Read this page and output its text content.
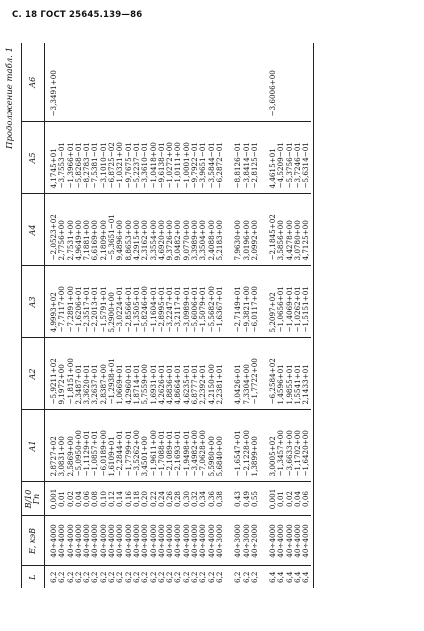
С. 18 ГОСТ 25645.139—86
Продолжение табл. 1
L	E, кэВ	B/10 Гп	A1	A2	A3	A4	A5	A6
6,2	40÷4000	0,001	2,8727+02	−5,9211+02	4,9993+02	−2,0523+02	4,1745+01	−3,3491+00
6,2	40÷4000	0,01	3,0831+00	9,1972+00	−7,7117+00	2,7756+00	−3,7553−01	
6,2	40÷4000	0,02	2,5869+00	−1,8151+00	−7,2891+00	2,7531+00	−1,3966+01	
6,2	40÷4000	0,04	−5,0950+00	2,3487+01	−1,6206+01	4,9649+00	−5,8268−01	
6,2	40÷4000	0,06	−1,1129+01	3,3620+01	−2,3517+01	7,1881+00	−8,2783−01	
6,2	40÷4000	0,08	−1,0857+01	3,2637+01	−2,2013+01	6,6169+00	−7,5381−01	
6,2	40÷4000	0,10	−6,0189+00	2,8387+00	−1,5791+01	2,1809+00	−3,1010−01	
6,2	40÷4000	0,12	1,6109+01	−1,2938+01	5,2900+00	−5,3651−01	−6,8725−02	
6,2	40÷4000	0,14	−2,2844+01	1,0669+01	−3,0224+01	9,4896+00	−1,0321+00	
6,2	40÷4000	0,16	−1,7799+01	4,2960+01	−2,8566+01	8,8653+00	−9,7675−01	
6,2	40÷4000	0,18	−3,5262+00	1,8714+01	−1,3505+01	4,2915+00	−5,2237−01	
6,2	40÷4000	0,20	3,4501+00	5,7559+00	−5,8246+00	2,3162+00	−3,3610−01	
6,2	40÷4000	0,22	−1,9611+00	1,6931+01	−1,1604+01	3,3554+00	−1,0418+00	
6,2	40÷4000	0,24	−1,7088+01	4,2626+01	−2,8995+01	4,6920+00	−9,6138−01	
6,2	40÷4000	0,26	−2,1089+01	4,8836+01	−3,2247+01	9,3726+00	−1,0272+00	
6,2	40÷4000	0,28	−2,1693+01	4,8664+01	−3,2117+01	9,0482+00	−1,0111+00	
6,2	40÷4000	0,30	−1,9498+01	4,6235+01	−3,0989+01	9,0770+00	−1,0001+00	
6,2	40÷4000	0,32	−3,4982+00	6,8777+01	−5,6006+01	3,3989+00	−9,7922−01	
6,2	40÷4000	0,34	−7,0628+00	2,2392+01	−1,5079+01	3,3504+00	−3,9651−01	
6,2	40÷4000	0,36	5,5980+00	4,2150+00	−5,5682+00	2,4088+00	−3,5844−01	
6,2	40÷3000	0,38	5,6840+00	2,2381+01	−1,6367+01	5,2183+00	−6,2872−01	

6,2	40÷3000	0,43	−1,6547+01	4,0426+01	−2,7149+01	7,9630+00	−8,8126−01	
6,2	40÷3000	0,49	−2,1228+00	7,3304+00	−9,3821+00	3,0196+00	−3,8414−01	
6,2	40÷2000	0,55	1,3899+00	−1,7722+00	−6,0117+00	2,0992+00	−2,8125−01	

6,4	40÷4000	0,001	3,0005+02	−6,2584+02	5,2097+02	−2,1845+02	4,4615+01	−3,6006+00
6,4	40÷4000	0,01	−1,3457+00	1,4596+01	−1,0656+01	3,5856+00	−4,5209−01	
6,4	40÷4000	0,02	−3,6633+00	1,9855+01	−1,4069+01	4,4278+00	−5,3756−01	
6,4	40÷4000	0,04	−1,1702+00	1,5541+01	−1,0262+01	3,0780+00	−3,7246−01	
6,4	40÷4000	0,06	−1,6420+00	2,1433+01	−1,5151+01	4,7125+00	−5,6314−01	
